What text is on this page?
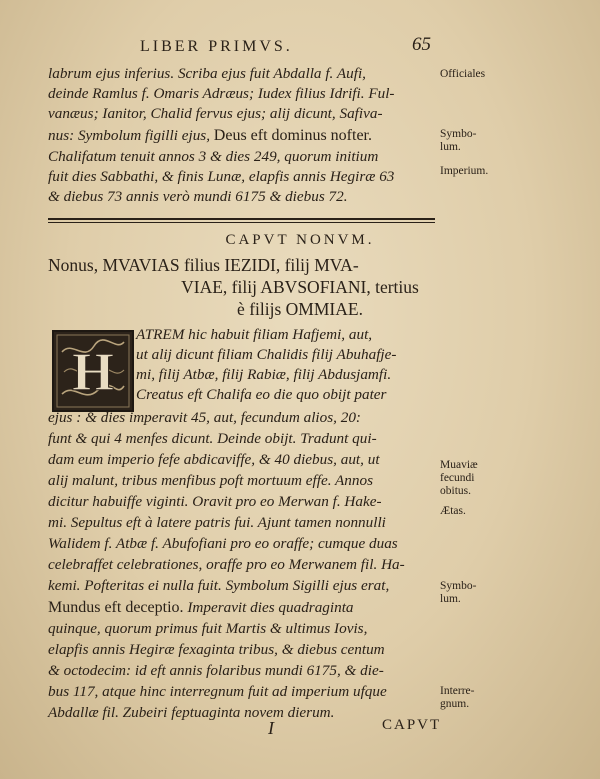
LIBER PRIMVS.	65
labrum ejus inferius. Scriba ejus fuit Abdalla f. Aufi,
deinde Ramlus f. Omaris Adræus; Iudex filius Idrifi. Ful-
vanæus; Ianitor, Chalid fervus ejus; alij dicunt, Safiva-
nus: Symbolum figilli ejus, Deus eft dominus nofter.
Chalifatum tenuit annos 3 & dies 249, quorum initium
fuit dies Sabbathi, & finis Lunæ, elapfis annis Hegiræ 63
& diebus 73 annis verò mundi 6175 & diebus 72.
Officiales
Symbo-
lum.
Imperium.
CAPVT NONVM.
Nonus, MVAVIAS filius IEZIDI, filij MVA-
VIAE, filij ABVSOFIANI, tertius
è filijs OMMIAE.
H
ATREM hic habuit filiam Hafjemi, aut,
ut alij dicunt filiam Chalidis filij Abuhafje-
mi, filij Atbæ, filij Rabiæ, filij Abdusjamfi.
Creatus eft Chalifa eo die quo obijt pater
ejus : & dies imperavit 45, aut, fecundum alios, 20:
funt & qui 4 menfes dicunt. Deinde obijt. Tradunt qui-
dam eum imperio fefe abdicaviffe, & 40 diebus, aut, ut
alij malunt, tribus menfibus poft mortuum effe. Annos
dicitur habuiffe viginti. Oravit pro eo Merwan f. Hake-
mi. Sepultus eft à latere patris fui. Ajunt tamen nonnulli
Walidem f. Atbæ f. Abufofiani pro eo oraffe; cumque duas
celebraffet celebrationes, oraffe pro eo Merwanem fil. Ha-
kemi. Pofteritas ei nulla fuit. Symbolum Sigilli ejus erat,
Mundus eft deceptio. Imperavit dies quadraginta
quinque, quorum primus fuit Martis & ultimus Iovis,
elapfis annis Hegiræ fexaginta tribus, & diebus centum
& octodecim: id eft annis folaribus mundi 6175, & die-
bus 117, atque hinc interregnum fuit ad imperium ufque
Abdallæ fil. Zubeiri feptuaginta novem dierum.
Muaviæ
fecundi
obitus.
Ætas.
Symbo-
lum.
Interre-
gnum.
I	CAPVT
